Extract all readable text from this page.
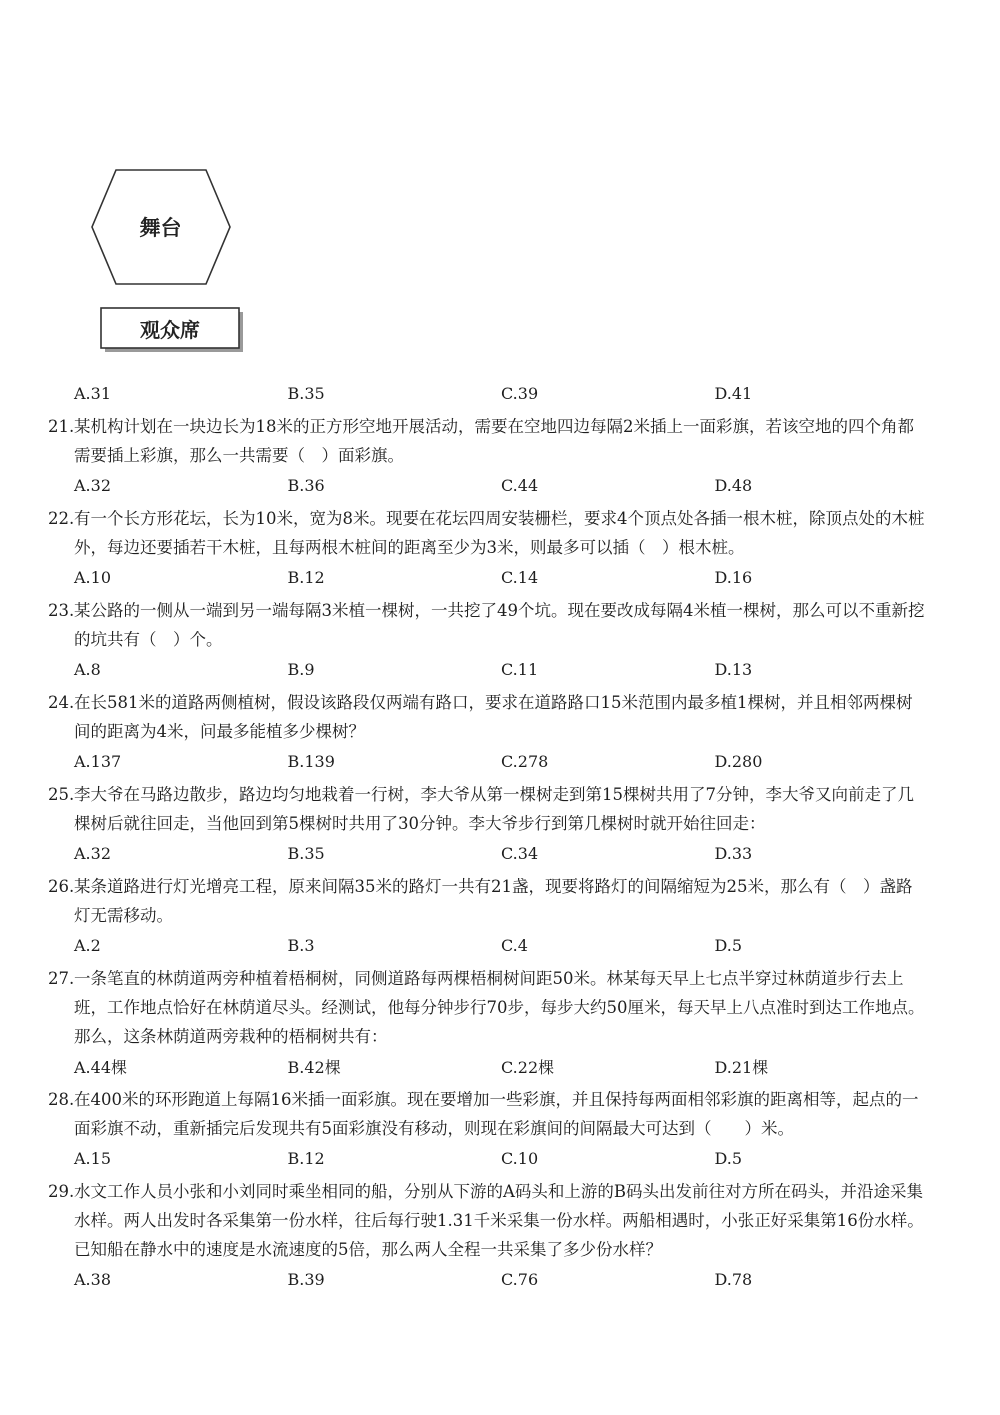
舞台
观众席
A.31	B.35	C.39	D.41
21. 某机构计划在一块边长为18米的正方形空地开展活动，需要在空地四边每隔2米插上一面彩旗，若该空地的四个角都需要插上彩旗，那么一共需要（　）面彩旗。
A.32	B.36	C.44	D.48
22. 有一个长方形花坛，长为10米，宽为8米。现要在花坛四周安装栅栏，要求4个顶点处各插一根木桩，除顶点处的木桩外，每边还要插若干木桩，且每两根木桩间的距离至少为3米，则最多可以插（　）根木桩。
A.10	B.12	C.14	D.16
23. 某公路的一侧从一端到另一端每隔3米植一棵树，一共挖了49个坑。现在要改成每隔4米植一棵树，那么可以不重新挖的坑共有（　）个。
A.8	B.9	C.11	D.13
24. 在长581米的道路两侧植树，假设该路段仅两端有路口，要求在道路路口15米范围内最多植1棵树，并且相邻两棵树间的距离为4米，问最多能植多少棵树？
A.137	B.139	C.278	D.280
25. 李大爷在马路边散步，路边均匀地栽着一行树，李大爷从第一棵树走到第15棵树共用了7分钟，李大爷又向前走了几棵树后就往回走，当他回到第5棵树时共用了30分钟。李大爷步行到第几棵树时就开始往回走：
A.32	B.35	C.34	D.33
26. 某条道路进行灯光增亮工程，原来间隔35米的路灯一共有21盏，现要将路灯的间隔缩短为25米，那么有（　）盏路灯无需移动。
A.2	B.3	C.4	D.5
27. 一条笔直的林荫道两旁种植着梧桐树，同侧道路每两棵梧桐树间距50米。林某每天早上七点半穿过林荫道步行去上班，工作地点恰好在林荫道尽头。经测试，他每分钟步行70步，每步大约50厘米，每天早上八点准时到达工作地点。那么，这条林荫道两旁栽种的梧桐树共有：
A.44棵	B.42棵	C.22棵	D.21棵
28. 在400米的环形跑道上每隔16米插一面彩旗。现在要增加一些彩旗，并且保持每两面相邻彩旗的距离相等，起点的一面彩旗不动，重新插完后发现共有5面彩旗没有移动，则现在彩旗间的间隔最大可达到（　　）米。
A.15	B.12	C.10	D.5
29. 水文工作人员小张和小刘同时乘坐相同的船，分别从下游的A码头和上游的B码头出发前往对方所在码头，并沿途采集水样。两人出发时各采集第一份水样，往后每行驶1.31千米采集一份水样。两船相遇时，小张正好采集第16份水样。已知船在静水中的速度是水流速度的5倍，那么两人全程一共采集了多少份水样？
A.38	B.39	C.76	D.78
